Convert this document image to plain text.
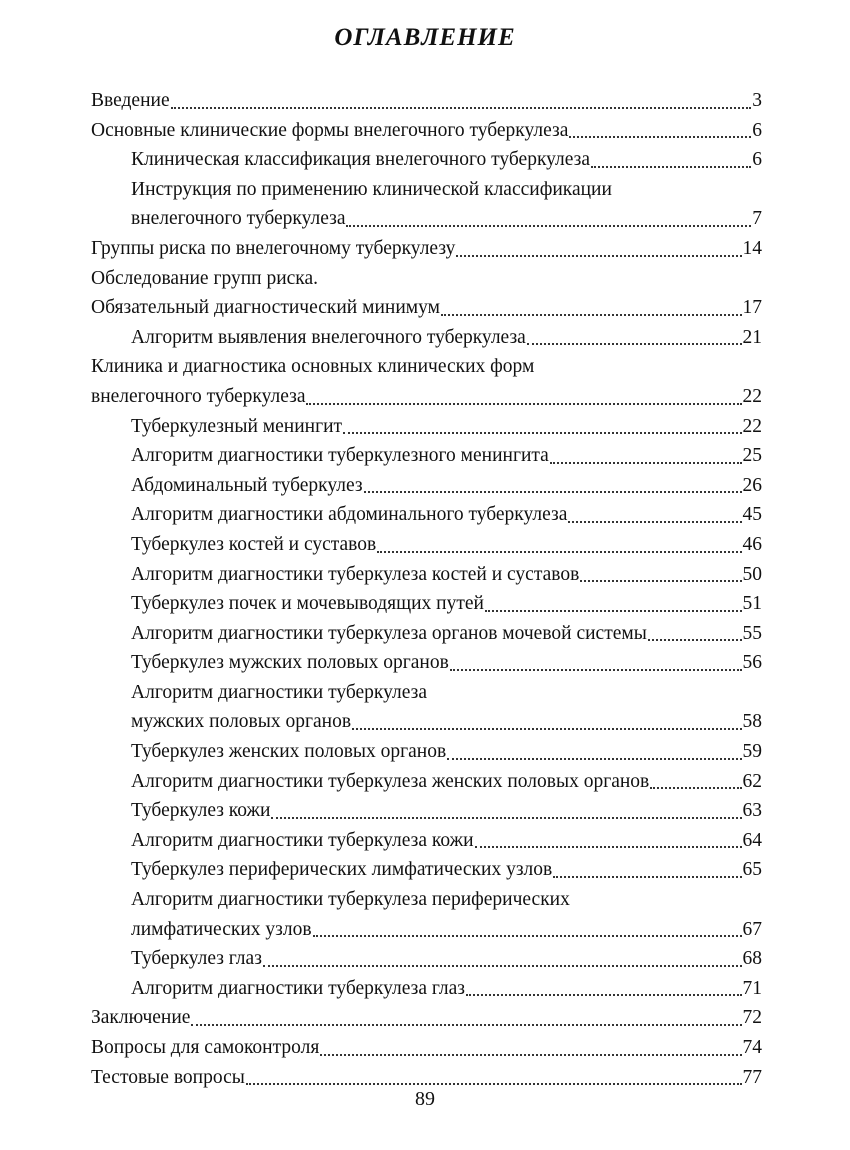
ОГЛАВЛЕНИЕ
Введение	3
Основные клинические формы внелегочного туберкулеза	6
Клиническая классификация внелегочного туберкулеза	6
Инструкция по применению клинической классификации
внелегочного туберкулеза	7
Группы риска по внелегочному туберкулезу	14
Обследование групп риска.
Обязательный диагностический минимум	17
Алгоритм выявления внелегочного туберкулеза	21
Клиника и диагностика основных клинических форм
внелегочного туберкулеза	22
Туберкулезный менингит	22
Алгоритм диагностики туберкулезного менингита	25
Абдоминальный туберкулез	26
Алгоритм диагностики абдоминального туберкулеза	45
Туберкулез костей и суставов	46
Алгоритм диагностики туберкулеза костей и суставов	50
Туберкулез почек и мочевыводящих путей	51
Алгоритм диагностики туберкулеза органов мочевой системы	55
Туберкулез мужских половых органов	56
Алгоритм диагностики туберкулеза
мужских половых органов	58
Туберкулез женских половых органов	59
Алгоритм диагностики туберкулеза женских половых органов	62
Туберкулез кожи	63
Алгоритм диагностики туберкулеза кожи	64
Туберкулез периферических лимфатических узлов	65
Алгоритм диагностики туберкулеза периферических
лимфатических узлов	67
Туберкулез глаз	68
Алгоритм диагностики туберкулеза глаз	71
Заключение	72
Вопросы для самоконтроля	74
Тестовые вопросы	77
89
